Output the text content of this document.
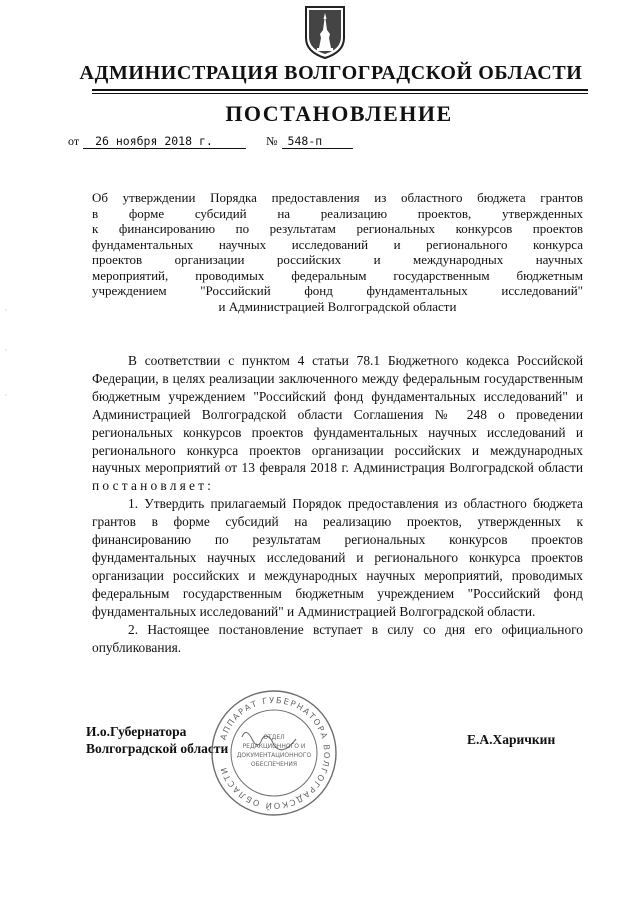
АДМИНИСТРАЦИЯ ВОЛГОГРАДСКОЙ ОБЛАСТИ
ПОСТАНОВЛЕНИЕ
от 26 ноября 2018 г.	№ 548-п

Об утверждении Порядка предоставления из областного бюджета грантов

в форме субсидий на реализацию проектов, утвержденных

к финансированию по результатам региональных конкурсов проектов

фундаментальных научных исследований и регионального конкурса

проектов организации российских и международных научных

мероприятий, проводимых федеральным государственным бюджетным

учреждением "Российский фонд фундаментальных исследований"

и Администрацией Волгоградской области

В соответствии с пунктом 4 статьи 78.1 Бюджетного кодекса Российской Федерации, в целях реализации заключенного между федеральным государственным бюджетным учреждением "Российский фонд фундаментальных исследований" и Администрацией Волгоградской области Соглашения № 248 о проведении региональных конкурсов проектов фундаментальных научных исследований и регионального конкурса проектов организации российских и международных научных мероприятий от 13 февраля 2018 г. Администрация Волгоградской области постановляет:

1. Утвердить прилагаемый Порядок предоставления из областного бюджета грантов в форме субсидий на реализацию проектов, утвержденных к финансированию по результатам региональных конкурсов проектов фундаментальных научных исследований и регионального конкурса проектов организации российских и международных научных мероприятий, проводимых федеральным государственным бюджетным учреждением "Российский фонд фундаментальных исследований" и Администрацией Волгоградской области.

2. Настоящее постановление вступает в силу со дня его официального опубликования.

И.о.Губернатора
Волгоградской области
Е.А.Харичкин
АППАРАТ ГУБЕРНАТОРА ВОЛГОГРАДСКОЙ ОБЛАСТИ
ОТДЕЛ
РЕДАКЦИОННОГО И
ДОКУМЕНТАЦИОННОГО
ОБЕСПЕЧЕНИЯ
